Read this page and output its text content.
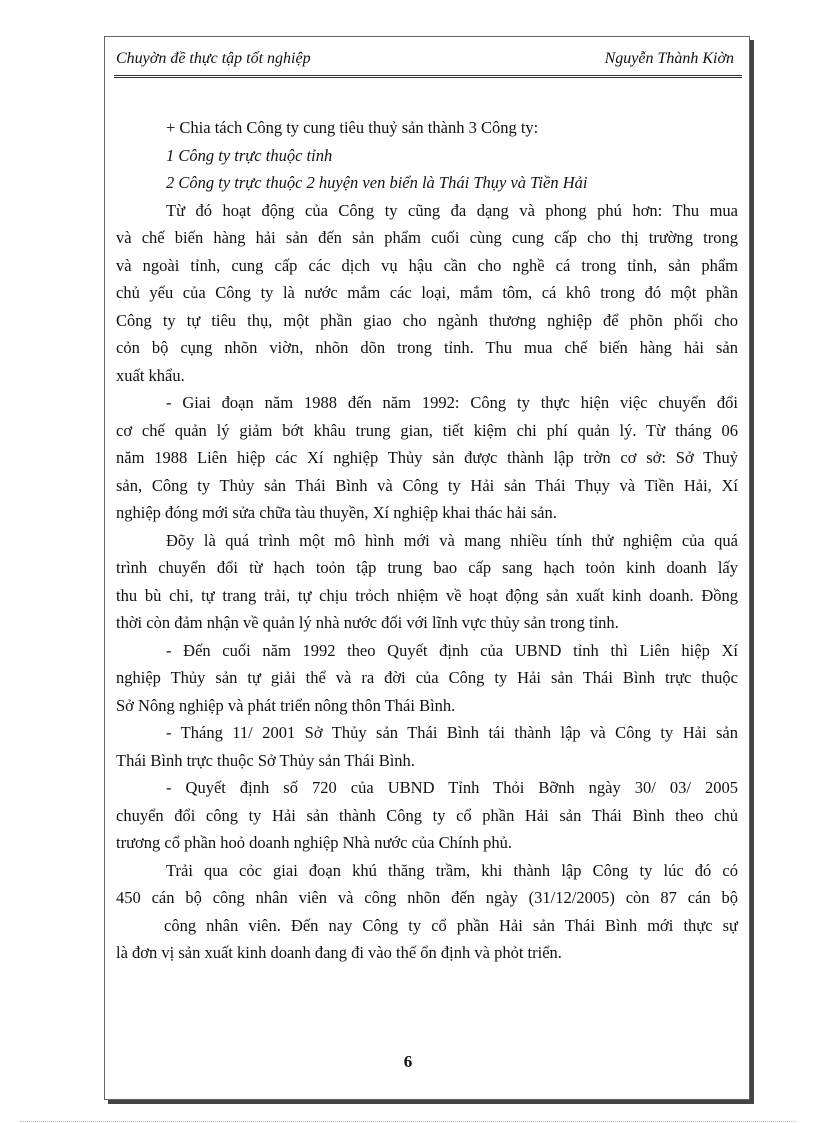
Chuyờn đề thực tập tốt nghiệp	Nguyễn Thành Kiờn
+ Chia tách Công ty cung tiêu thuỷ sản thành 3 Công ty:
1 Công ty trực thuộc tỉnh
2 Công ty trực thuộc 2 huyện ven biển là Thái Thụy và Tiền Hải
Từ đó hoạt động của Công ty cũng đa dạng và phong phú hơn: Thu mua
và chế biến hàng hải sản đến sản phẩm cuối cùng cung cấp cho thị trường trong
và ngoài tỉnh, cung cấp các dịch vụ hậu cần cho nghề cá trong tỉnh, sản phẩm
chủ yếu của Công ty là nước mắm các loại, mắm tôm, cá khô trong đó một phần
Công ty tự tiêu thụ, một phần giao cho ngành thương nghiệp để phõn phối cho
cỏn bộ cụng nhõn viờn, nhõn dõn trong tỉnh. Thu mua chế biến hàng hải sản
xuất khẩu.
- Giai đoạn năm 1988 đến năm 1992: Công ty thực hiện việc chuyển đổi
cơ chế quản lý giảm bớt khâu trung gian, tiết kiệm chi phí quản lý. Từ tháng 06
năm 1988 Liên hiệp các Xí nghiệp Thủy sản được thành lập trờn cơ sở: Sở Thuỷ
sản, Công ty Thủy sản Thái Bình và Công ty Hải sản Thái Thụy và Tiền Hải, Xí
nghiệp đóng mới sửa chữa tàu thuyền, Xí nghiệp khai thác hải sản.
Đõy là quá trình một mô hình mới và mang nhiều tính thử nghiệm của quá
trình chuyển đổi từ hạch toỏn tập trung bao cấp sang hạch toỏn kinh doanh lấy
thu bù chi, tự trang trải, tự chịu trỏch nhiệm về hoạt động sản xuất kinh doanh. Đồng
thời còn đảm nhận về quản lý nhà nước đối với lĩnh vực thủy sản trong tỉnh.
- Đến cuối năm 1992 theo Quyết định của UBND tỉnh thì Liên hiệp Xí
nghiệp Thủy sản tự giải thể và ra đời của Công ty Hải sản Thái Bình trực thuộc
Sở Nông nghiệp và phát triển nông thôn Thái Bình.
- Tháng 11/ 2001 Sở Thủy sản Thái Bình tái thành lập và Công ty Hải sản
Thái Bình trực thuộc Sở Thủy sản Thái Bình.
- Quyết định số 720 của UBND Tỉnh Thỏi Bỡnh ngày 30/ 03/ 2005
chuyển đổi công ty Hải sản thành Công ty cổ phần Hải sản Thái Bình theo chủ
trương cổ phần hoỏ doanh nghiệp Nhà nước của Chính phủ.
Trải qua cỏc giai đoạn khú thăng trầm, khi thành lập Công ty lúc đó có
450 cán bộ công nhân viên và công nhõn đến ngày (31/12/2005) còn 87 cán bộ
công nhân viên. Đến nay Công ty cổ phần Hải sản Thái Bình mới thực sự
là đơn vị sản xuất kinh doanh đang đi vào thế ổn định và phỏt triển.
6
